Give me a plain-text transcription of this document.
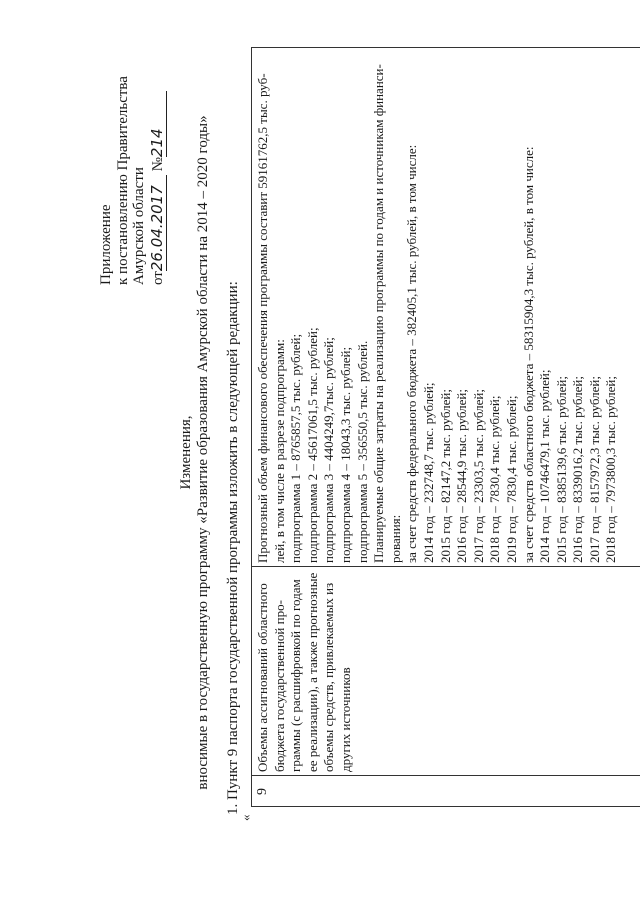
Приложение к постановлению Правительства Амурской области от26.04.2017 №214
Изменения, вносимые в государственную программу «Развитие образования Амурской области на 2014 – 2020 годы» 1. Пункт 9 паспорта государственной программы изложить в следующей редакции:
«
9
Объемы ассигнований областного бюджета государственной про- граммы (с расшифровкой по годам ее реализации), а также прогнозные объемы средств, привлекаемых из других источников
Прогнозный объем финансового обеспечения программы составит 59161762,5 тыс. руб- лей, в том числе в разрезе подпрограмм: подпрограмма 1 – 8765857,5 тыс. рублей; подпрограмма 2 – 45617061,5 тыс. рублей; подпрограмма 3 – 4404249,7тыс. рублей; подпрограмма 4 – 18043,3 тыс. рублей; подпрограмма 5 – 356550,5 тыс. рублей. Планируемые общие затраты на реализацию программы по годам и источникам финанси- рования: за счет средств федерального бюджета – 382405,1 тыс. рублей, в том числе: 2014 год – 232748,7 тыс. рублей; 2015 год – 82147,2 тыс. рублей; 2016 год – 28544,9 тыс. рублей; 2017 год – 23303,5 тыс. рублей; 2018 год – 7830,4 тыс. рублей; 2019 год – 7830,4 тыс. рублей; за счет средств областного бюджета – 58315904,3 тыс. рублей, в том числе: 2014 год – 10746479,1 тыс. рублей; 2015 год – 8385139,6 тыс. рублей; 2016 год – 8339016,2 тыс. рублей; 2017 год – 8157972,3 тыс. рублей; 2018 год – 7973800,3 тыс. рублей;
